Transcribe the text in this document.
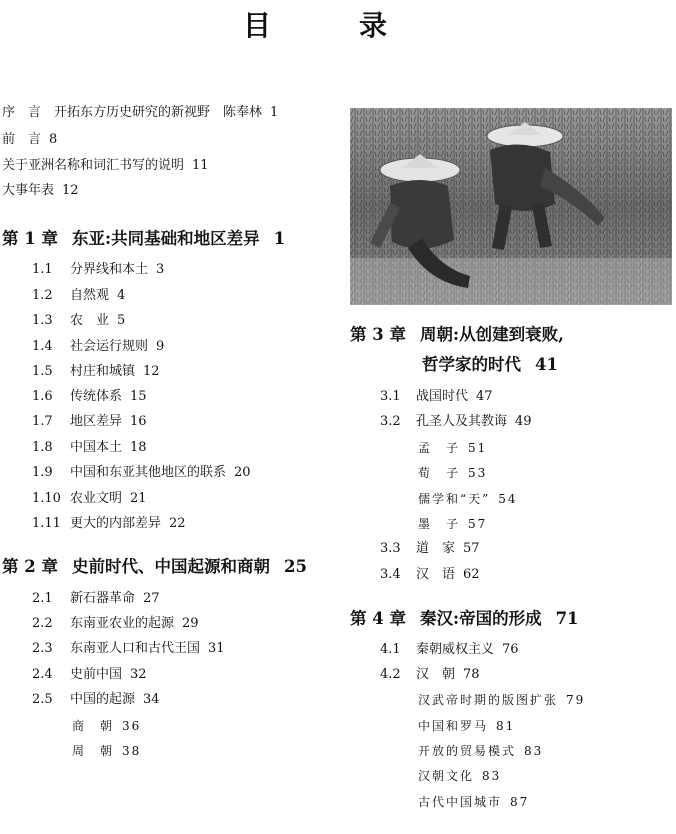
目　录
序　言　开拓东方历史研究的新视野　陈奉林 1
前　言 8
关于亚洲名称和词汇书写的说明 11
大事年表 12
第 1 章 东亚:共同基础和地区差异 1
1.1 分界线和本土 3
1.2 自然观 4
1.3 农　业 5
1.4 社会运行规则 9
1.5 村庄和城镇 12
1.6 传统体系 15
1.7 地区差异 16
1.8 中国本土 18
1.9 中国和东亚其他地区的联系 20
1.10 农业文明 21
1.11 更大的内部差异 22
第 2 章 史前时代、中国起源和商朝 25
2.1 新石器革命 27
2.2 东南亚农业的起源 29
2.3 东南亚人口和古代王国 31
2.4 史前中国 32
2.5 中国的起源 34
商　朝 36
周　朝 38
第 3 章 周朝:从创建到衰败,
哲学家的时代 41
3.1 战国时代 47
3.2 孔圣人及其教诲 49
孟　子 51
荀　子 53
儒学和“天” 54
墨　子 57
3.3 道　家 57
3.4 汉　语 62
第 4 章 秦汉:帝国的形成 71
4.1 秦朝威权主义 76
4.2 汉　朝 78
汉武帝时期的版图扩张 79
中国和罗马 81
开放的贸易模式 83
汉朝文化 83
古代中国城市 87
